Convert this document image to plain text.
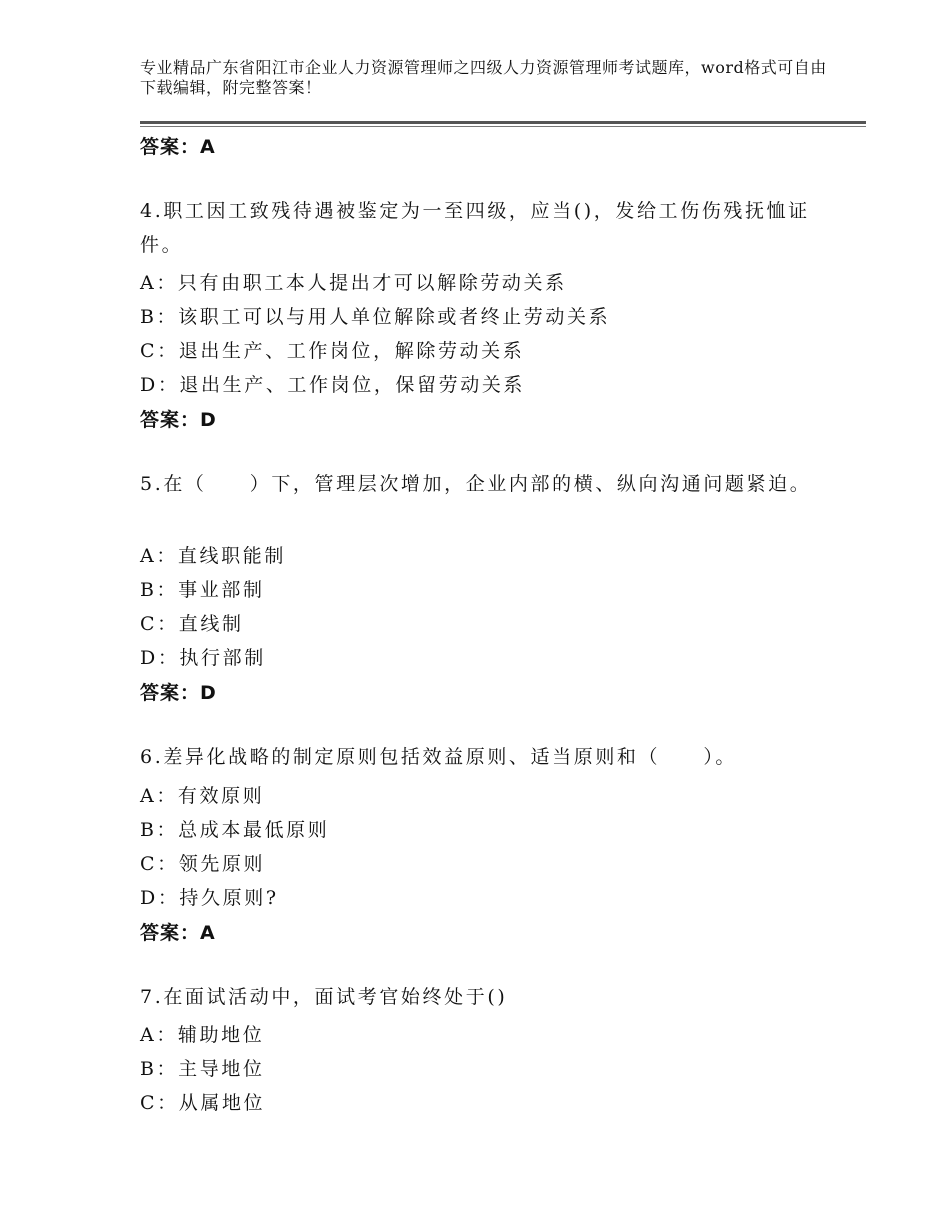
专业精品广东省阳江市企业人力资源管理师之四级人力资源管理师考试题库，word格式可自由下载编辑，附完整答案！
答案：A
4.职工因工致残待遇被鉴定为一至四级，应当()，发给工伤伤残抚恤证件。
A：只有由职工本人提出才可以解除劳动关系
B：该职工可以与用人单位解除或者终止劳动关系
C：退出生产、工作岗位，解除劳动关系
D：退出生产、工作岗位，保留劳动关系
答案：D
5.在（　　）下，管理层次增加，企业内部的横、纵向沟通问题紧迫。
A：直线职能制
B：事业部制
C：直线制
D：执行部制
答案：D
6.差异化战略的制定原则包括效益原则、适当原则和（　　）。
A：有效原则
B：总成本最低原则
C：领先原则
D：持久原则?
答案：A
7.在面试活动中，面试考官始终处于()
A：辅助地位
B：主导地位
C：从属地位
